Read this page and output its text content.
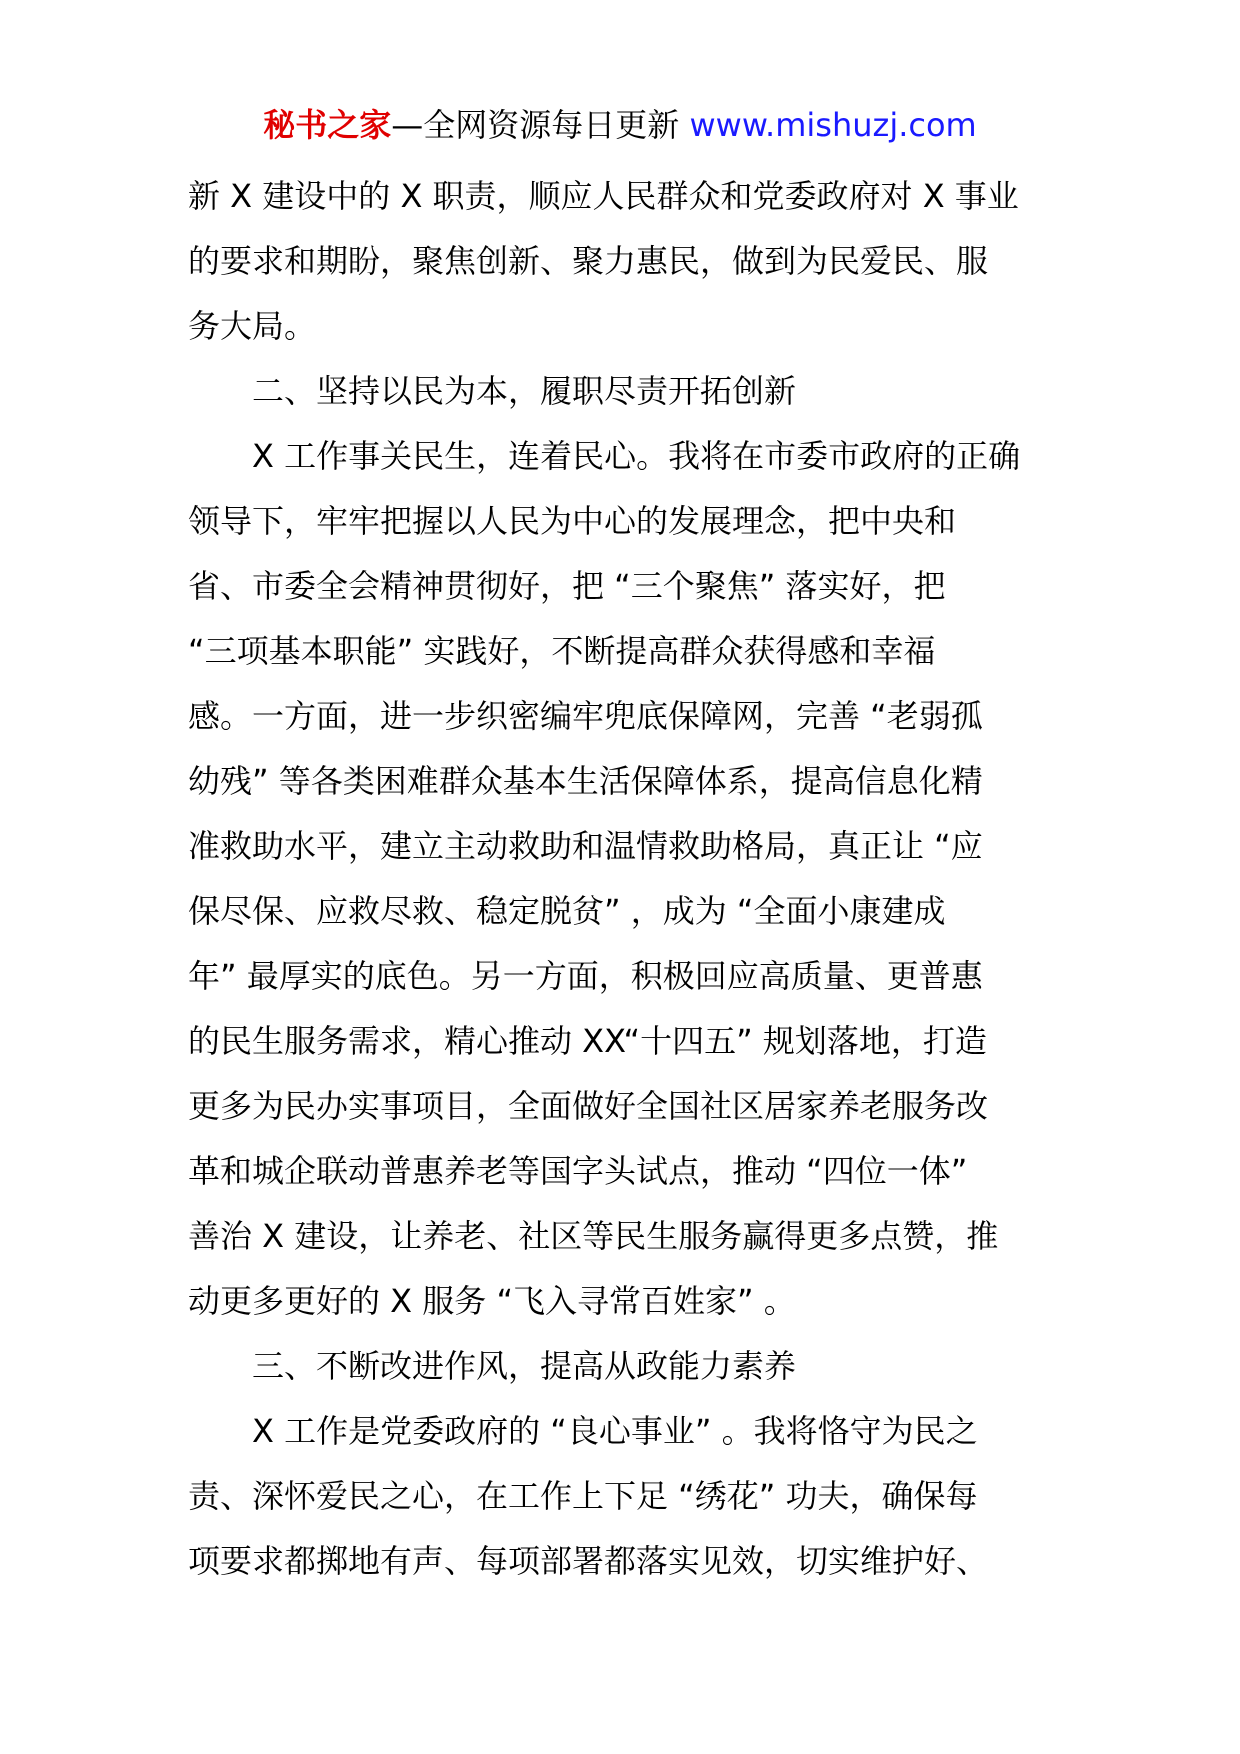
秘书之家—全网资源每日更新 www.mishuzj.com
新 X 建设中的 X 职责，顺应人民群众和党委政府对 X 事业
的要求和期盼，聚焦创新、聚力惠民，做到为民爱民、服
务大局。
二、坚持以民为本，履职尽责开拓创新
X 工作事关民生，连着民心。我将在市委市政府的正确
领导下，牢牢把握以人民为中心的发展理念，把中央和
省、市委全会精神贯彻好，把 “三个聚焦” 落实好，把
“三项基本职能” 实践好，不断提高群众获得感和幸福
感。一方面，进一步织密编牢兜底保障网，完善 “老弱孤
幼残” 等各类困难群众基本生活保障体系，提高信息化精
准救助水平，建立主动救助和温情救助格局，真正让 “应
保尽保、应救尽救、稳定脱贫” ，成为 “全面小康建成
年” 最厚实的底色。另一方面，积极回应高质量、更普惠
的民生服务需求，精心推动 XX“十四五” 规划落地，打造
更多为民办实事项目，全面做好全国社区居家养老服务改
革和城企联动普惠养老等国字头试点，推动 “四位一体”
善治 X 建设，让养老、社区等民生服务赢得更多点赞，推
动更多更好的 X 服务 “飞入寻常百姓家” 。
三、不断改进作风，提高从政能力素养
X 工作是党委政府的 “良心事业” 。我将恪守为民之
责、深怀爱民之心，在工作上下足 “绣花” 功夫，确保每
项要求都掷地有声、每项部署都落实见效，切实维护好、
